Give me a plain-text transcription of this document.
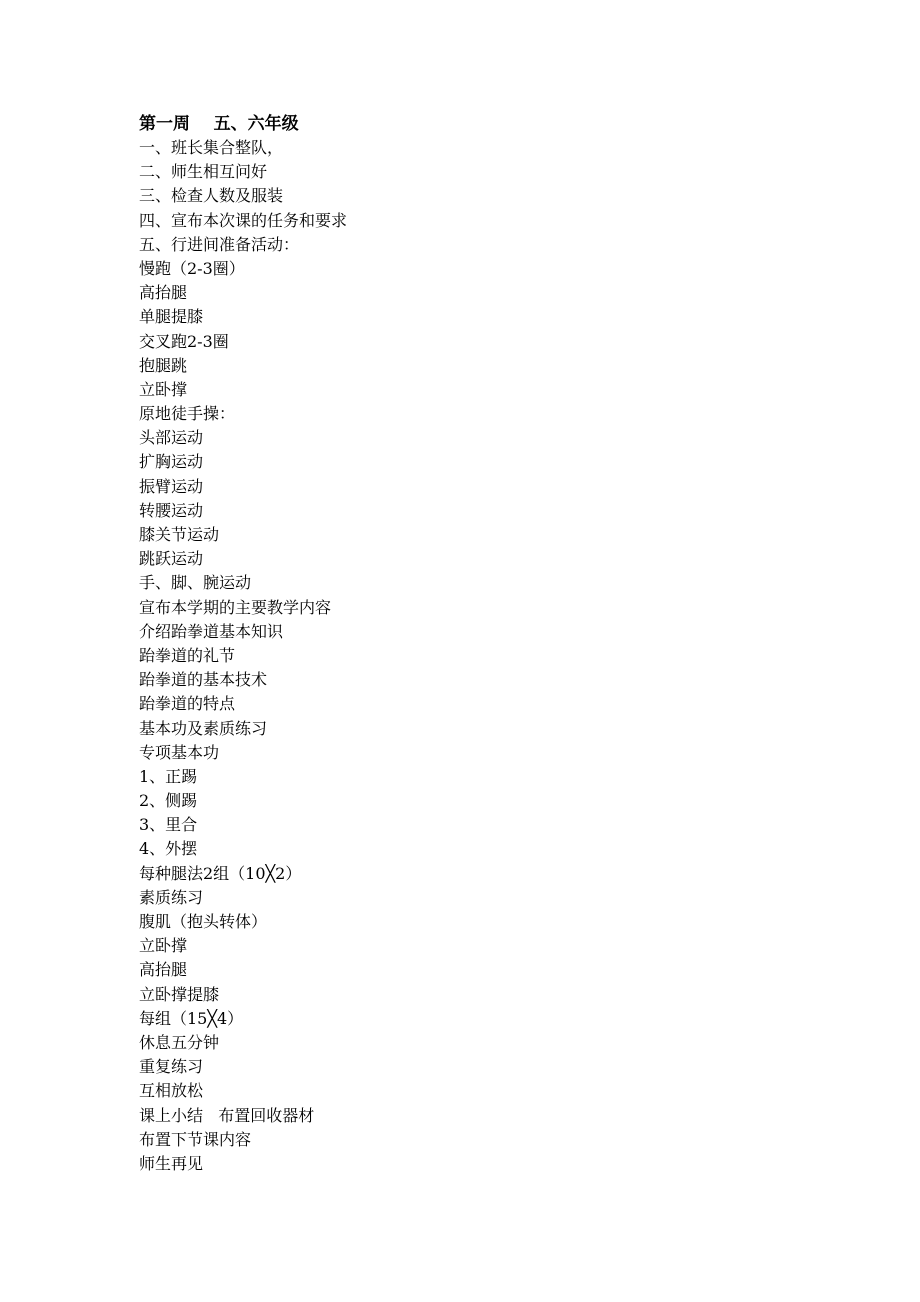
第一周    五、六年级
一、班长集合整队，
二、师生相互问好
三、检查人数及服装
四、宣布本次课的任务和要求
五、行进间准备活动：
慢跑（2-3圈）
高抬腿
单腿提膝
交叉跑2-3圈
抱腿跳
立卧撑
原地徒手操：
头部运动
扩胸运动
振臂运动
转腰运动
膝关节运动
跳跃运动
手、脚、腕运动
宣布本学期的主要教学内容
介绍跆拳道基本知识
跆拳道的礼节
跆拳道的基本技术
跆拳道的特点
基本功及素质练习
专项基本功
1、正踢
2、侧踢
3、里合
4、外摆
每种腿法2组（10╳2）
素质练习
腹肌（抱头转体）
立卧撑
高抬腿
立卧撑提膝
每组（15╳4）
休息五分钟
重复练习
互相放松
课上小结   布置回收器材
布置下节课内容
师生再见
